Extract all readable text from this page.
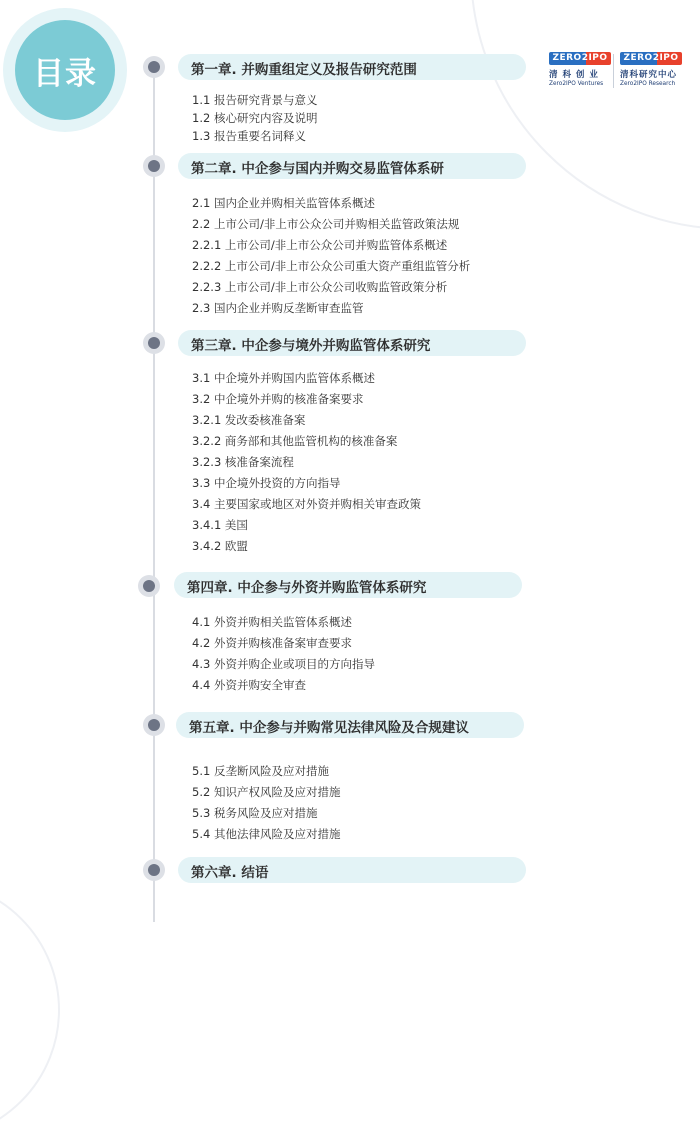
目录	ZERO2IPO
清 科 创 业
Zero2IPO Ventures
ZERO2IPO
清科研究中心
Zero2IPO Research
第一章. 并购重组定义及报告研究范围
1.1 报告研究背景与意义
1.2 核心研究内容及说明
1.3 报告重要名词释义
第二章. 中企参与国内并购交易监管体系研
2.1 国内企业并购相关监管体系概述
2.2 上市公司/非上市公众公司并购相关监管政策法规
2.2.1 上市公司/非上市公众公司并购监管体系概述
2.2.2 上市公司/非上市公众公司重大资产重组监管分析
2.2.3 上市公司/非上市公众公司收购监管政策分析
2.3 国内企业并购反垄断审查监管
第三章. 中企参与境外并购监管体系研究
3.1 中企境外并购国内监管体系概述
3.2 中企境外并购的核准备案要求
3.2.1 发改委核准备案
3.2.2 商务部和其他监管机构的核准备案
3.2.3 核准备案流程
3.3 中企境外投资的方向指导
3.4 主要国家或地区对外资并购相关审查政策
3.4.1 美国
3.4.2 欧盟
第四章. 中企参与外资并购监管体系研究
4.1 外资并购相关监管体系概述
4.2 外资并购核准备案审查要求
4.3 外资并购企业或项目的方向指导
4.4 外资并购安全审查
第五章. 中企参与并购常见法律风险及合规建议
5.1 反垄断风险及应对措施
5.2 知识产权风险及应对措施
5.3 税务风险及应对措施
5.4 其他法律风险及应对措施
第六章. 结语
